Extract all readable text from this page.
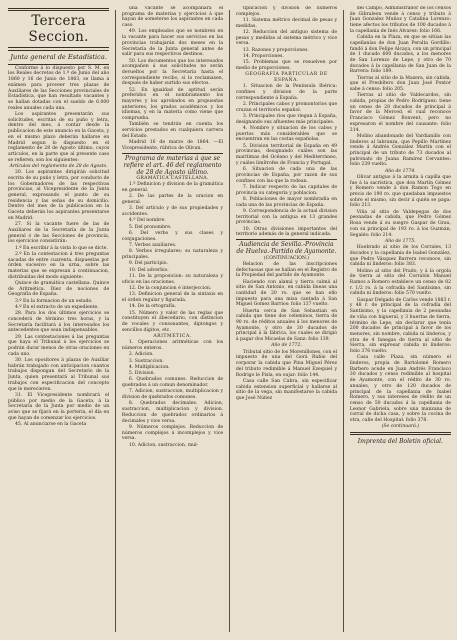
Tercera Seccion.
Junta general de Estadística.

Conforme á lo dispuesto por S. M. en los Reales decretos de 1.º de Junio del año 1860 y 16 de Junio de 1863, se llama á exámen para proveer tres plazas de Auxiliares de las Secciones provinciales de Estadística, que han resultado vacantes y se hallan dotadas con el sueldo de 6.000 reales anuales cada una.

Los aspirantes presentarán sus solicitudes, escritas de su puño y letra, dentro del mes, á contar desde la publicacion de este anuncio en la Gaceta, y en el mismo plazo deberán hallarse en Madrid segun lo dispuesto en el reglamento de 28 de Agosto último, cuyos artículos, en la parte que al presente caso se refieren, son los siguientes:

Artículos del reglamento de 28 de Agosto.

20. Los aspirantes dirigirán solicitud escrita de su puño y letra, por conducto de los Gobernadores de las respectivas provincias, al Vicepresidente de la Junta general, expresando el punto de su residencia y las señas de su domicilio. Dentro del mes de la publicacion en la Gaceta deberán los aspirantes presentarse en Madrid.

27. Si la vacante fuere de las de Auxiliares de la Secretaría de la Junta general ó de las Secciones de provincia, los ejercicios consistirán:

1.º En escribir á la vista lo que se dicte.

2.º En la contestacion á tres preguntas sacadas de entre cuarenta, dispuestas por órden sucesivo en la urna, sobre las materias que se expresan á continuacion, distribuidas del modo siguiente:

Quince de gramática castellana. Quince de Aritmética. Diez de nociones de Geografía de España.

3.º En la formacion de un estado.

4.º En el extracto de un expediente.

28. Para los dos últimos ejercicios se concederá de término tres horas, y la Secretaría facilitará á los interesados los antecedentes que sean indispensables.

29. Las contestaciones á las preguntas que haya el Tribunal á los ejercicios se podrán durar menos de otras oraciones en cada uno.

30. Los opositores á plazas de Auxiliar habrán trabajado con anticipacion cuantos trabajos dispongan del Secretario de la Junta, quien presentará al Tribunal sus trabajos con especificacion del concepto que le merecieron.

31. El Vicepresidente nombrará el público por medio de la Gaceta, á la Secretaría de la Junta por medio de un aviso que se fijará en la portería, el día en que hayan de comenzar los ejercicios.

45. Al anunciarse en la Gaceta

una vacante se acompañará el programa de materias y ejercicios á que hayan de someterse los aspirantes en cada caso.

49. Los empleados que se nombren en la vacante para hacer sus servicios en las provincias trabajarán dos meses en la Secretaría de la Junta general antes de salir para sus respectivos destinos.

50. Los documentos que los interesados acompañen á sus solicitudes no serán devueltos por la Secretaría hasta el correspondiente recibo, si lo reclamasen, después de haber surtido sus efectos.

52. En igualdad de aptitud serán preferidos en el nombramiento los mayores y los aprobados en propuestas anteriores, los grados académicos y los idiomas, y en la materia como viene que comprueba.

También se tendrán en cuenta los servicios prestados en cualquiera carrera del Estado.

Madrid 16 de marzo de 1864. —El Vicepresidente, rúbrica de Olivan.

Programa de materias á que se refiere el art. 46 del reglamento de 28 de Agosto último.

GRAMÁTICA CASTELLANA.

1.ª Definicion y division de la gramática en general.

2. De las partes de la oracion en general.

3. Del artículo y de sus propiedades y accidentes.

4.ª Del nombre.

5. Del pronombre.

6. Del verbo y sus clases y conjugaciones.

7. Verbos auxiliares.

8. Verbos irregulares: su naturaleza y principales.

9. Del participio.

10. Del adverbio.

11. De la proposicion: su naturaleza y oficio en las oraciones.

12. De la conjuncion é interjeccion.

13. Definicion general de la sintaxis en el órden regular y figurada.

14. De la ortografía.

15. Número y valor de las reglas que constituyen el ábecedario, con distincion de vocales y consonantes, diptongos y sencillos dígitos, etc.

ARITMÉTICA.

1. Operaciones aritméticas con los números enteros.

2. Adicion.

3. Sustraccion.

4. Multiplicacion.

5. Division.

6. Quebrados comunes. Reduccion de quebrados á un comun denominador.

7. Adicion, sustraccion, multiplicacion y division de quebrados comunes.

8. Quebrados decimales. Adicion, sustraccion, multiplicacion y division. Reduccion de quebrados ordinarios á decimales y vice versa.

9. Números complejos. Reduccion de números complejos á incomplejos y vice versa.

10. Adicion, sustraccion, mul-

tiplicacion y division de números complejos.

11. Sistema métrico decimal de pesas y medidas.

12. Reduccion del antiguo sistema de pesas y medidas al sistema métrico y vice versa.

13. Razones y proporciones.

14. Proporciones.

15. Problemas que se resuelven por medio de proporciones.

GEOGRAFÍA PARTICULAR DE ESPAÑA.

1. Situacion de la Península Ibérica: confines y division de la parte correspondiente á España.

2. Principales cabos y promontorios que cruzan el territorio español.

3. Principales ríos que riegan á España, designando sus afluentes más principales.

4. Nombre y situacion de los cabos y puertos más considerables que se encuentran en las costas españolas.

5. Division territorial de España en 49 provincias, designando cuáles son las marítimas del Océano y del Mediterráneo, y cuáles limítrofes de Francia y Portugal.

6. Situacion de cada una de las provincias de España, por razon de sus confines con las que la rodean.

7. Indicar respecto de las capitales de provincia su categoría y poblacion.

8. Poblaciones de mayor nombradía en cada una de las provincias de España.

9. Correspondencia de la actual division territorial con la antigua en 13 grandes provincias.

10. Otras divisiones importantes del territorio además de la general indicada.

Audiencia de Sevilla.-Provincia de Huelva.-Partido de Ayamonte.

(CONTINUACION.)

Relacion de las inscripciones defectuosas que se hallan en el Registro de la Propiedad del partido de Ayamonte.

Haciendo con alamá y tierra calmá al sitio de San Antonio, en cabida lineas una cantidad de 20 ro. que se han ello impuesto para una misa cantada á San Miguel Gomez Barrios: folio 137 vuelto.

Huerta cerca de San Sebastian en cabida que tiene dos celeminos, tierra de 90 ro. de réditos anuales á los menores de Ayamonte, y otro de 30 ducados de principal á la fábrica, los cuales se dirigió á pagar dos Micaelas de Sanz: folio 139.

Año de 1772.

Tributal sitio de los Moreníllones, con el impuesto de una del Gorá Rubio del corporar la cabida que Pina Miguel Pérez del tributo redimible á Manuel Ezequiel y Rodrigo le Pisla, en oujar: folio 144.

Casa calle San Cabra, sin especificar cabida extension superficial y hallarse al sitio de la vega, sin manifestarse la cabida que José Núñez

del Campo, Administrador de los censos de Gibraleon vende á censo y tributo á Juan Gonzalez Muñoz y Catalina Lorenzo: tiene afectos los tributos de 100 ducados á la capellania de Inés Alvarez: folio 166.

Cabida en la Plaza, en que se sitúan las capellanías de don Juan Peralta Gordillo: fundó á don Felipe Alcaya, con un principal de 1 ducado 600 ducados, a los menores de San Lorenzo de Lepe, y otro de 70 ducados á la capellania de San Juan de la Barrera: folio 189.

Tierras al sitio de la Mazera, sin cabida, que el Presbítero don Juan José Pontor sabe á censo: folio 205.

Tierras al sitio de Valdecardos, sin cabida, propias de Pedro Rodríguez: tiene un censo de 28 ducados de principal á favor de la Merced, el cual reconoce Francisco Gómez Bonvent, pero no expresaron el nombre del causante: folio 214.

Molino abandonado del Vardianillo con linderos al labranza, que Pepillo Martínez vende á Andrés González Martín con el principal de un tributo de 73 ducados al patronato de Juana Ramírez Cervantes: folio 239 vuelto.

Año de 1774.

Olivar antiguo á la armita á capilla que fue á la sacrística, que don Martín Gómez y Romero vende á don Ramon Togo en precio de 190 ro. que quedaban impuestos sobre el mismo, sin decir á quién se paga: folio 213.

Viña al sitio de Valdepegas de dos peonadas de cabida, que Pedro Gómez Rosa vende á su suegro Gaspar de Grau, con su principal de 193 ro. á los Guzmán, Segalés: folio 214.

Año de 1775.

Huebrado al sitio de los Corrales, 13 ducados y la capellania de Isabel González, que Pedro Vásquez Barrera reconoce, sin cabida ni linderos: folio 383.

Molino al sitio del Prado, y á la orgola de tierra al sitio del Corralón Manuel Ramos a Romero establece un censo de 82 r. 1/2 ro. á la cofradía del Santísimo, sin cabida ni linderos: folio 570 vuelto.

Gaspar Delgado de Carlos vende 1883 r. y 48 r. de principal de la cofradía del Santísimo, y la capellania de 2 peonadas de viña con higueral, y 3 huertas de tierra, término de Lepe, sin declarar que tenía 200 ducados de principal á favor de los menores, sin nombre, cabida ni linderos, y otra de 4 fanegas de tierra al sitio de Sierra, sin expresar cabida ni linderos: folio 376 vuelto.

Casa calle Plaza, sin número el linderos, propia de Bartolomé Romero Barbero acude en Juan Andrés Francisco 30 ducados y censo redimible al hospital de Ayamonte, con el rédito de 30 ro. anuales, y otro de 120 ducados de principal de la capellania de Isabel Romero, y sus intereses de rédito de un censo de 50 ducados á la capellania de Leonor Gabriela, sobre una manzana de corral de dicha casa, y sobre la cocina de otra, calle del Hospital: folio 378.

(Se continuará.)

Imprenta del Boletin oficial.
